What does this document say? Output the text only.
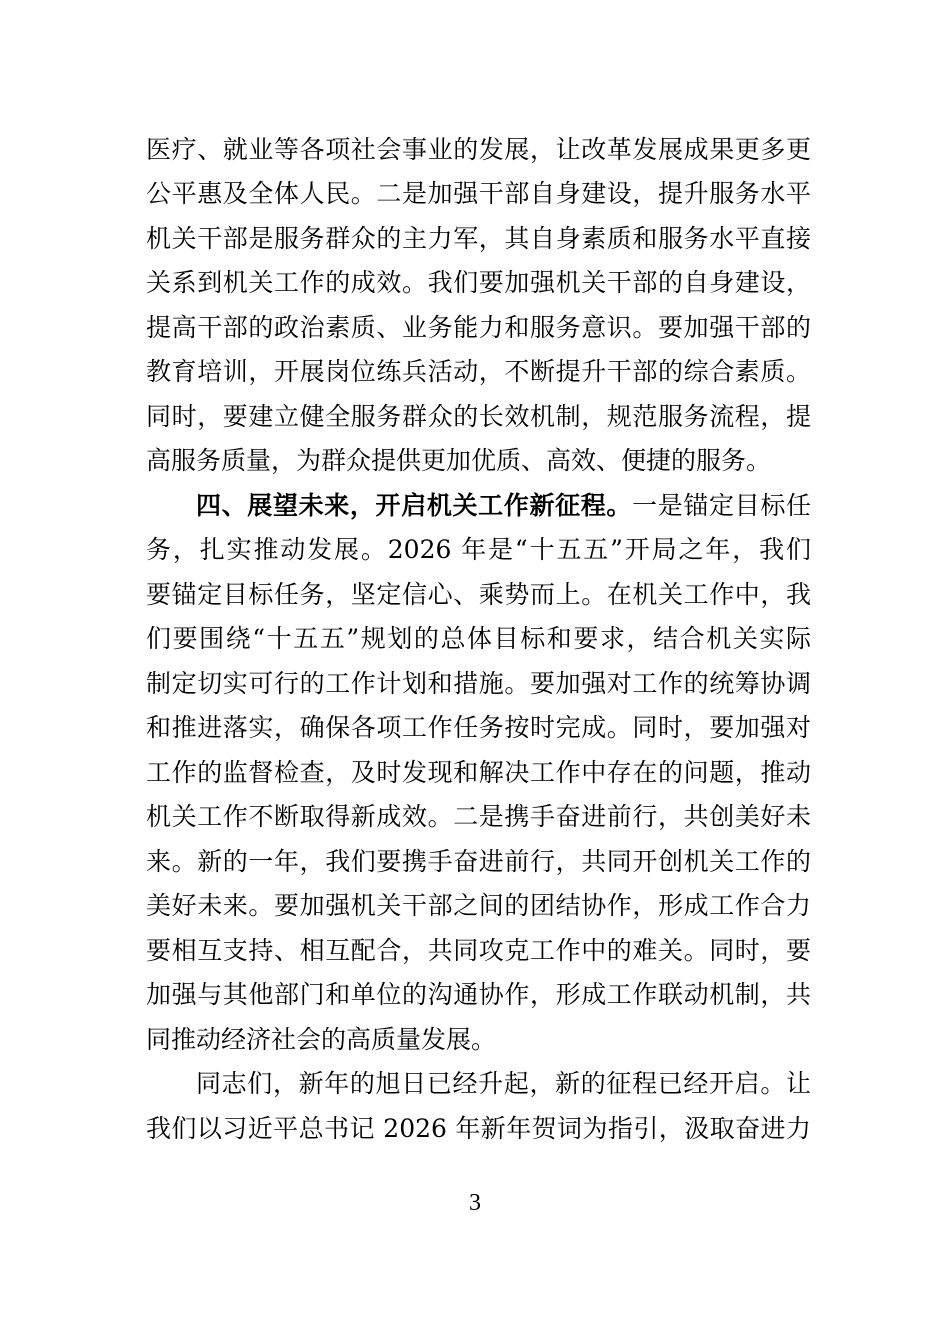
医疗、就业等各项社会事业的发展，让改革发展成果更多更
公平惠及全体人民。二是加强干部自身建设，提升服务水平
机关干部是服务群众的主力军，其自身素质和服务水平直接
关系到机关工作的成效。我们要加强机关干部的自身建设，
提高干部的政治素质、业务能力和服务意识。要加强干部的
教育培训，开展岗位练兵活动，不断提升干部的综合素质。
同时，要建立健全服务群众的长效机制，规范服务流程，提
高服务质量，为群众提供更加优质、高效、便捷的服务。
四、展望未来，开启机关工作新征程。一是锚定目标任
务，扎实推动发展。2026 年是“十五五”开局之年，我们
要锚定目标任务，坚定信心、乘势而上。在机关工作中，我
们要围绕“十五五”规划的总体目标和要求，结合机关实际
制定切实可行的工作计划和措施。要加强对工作的统筹协调
和推进落实，确保各项工作任务按时完成。同时，要加强对
工作的监督检查，及时发现和解决工作中存在的问题，推动
机关工作不断取得新成效。二是携手奋进前行，共创美好未
来。新的一年，我们要携手奋进前行，共同开创机关工作的
美好未来。要加强机关干部之间的团结协作，形成工作合力
要相互支持、相互配合，共同攻克工作中的难关。同时，要
加强与其他部门和单位的沟通协作，形成工作联动机制，共
同推动经济社会的高质量发展。
同志们，新年的旭日已经升起，新的征程已经开启。让
我们以习近平总书记 2026 年新年贺词为指引，汲取奋进力
3
